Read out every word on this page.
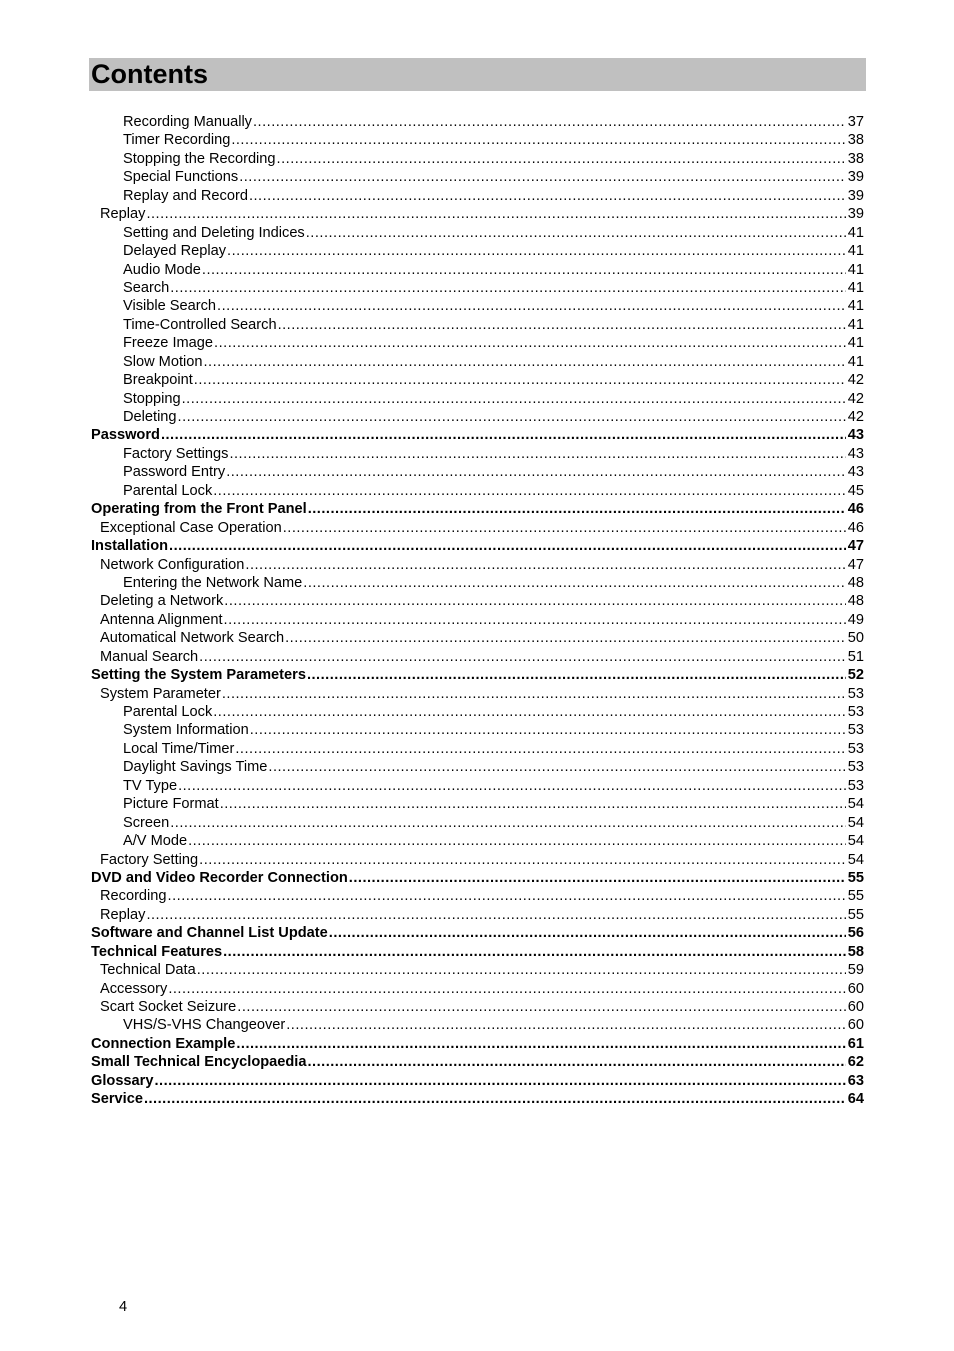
Contents
Recording Manually .....	37
Timer Recording .....	38
Stopping the Recording .....	38
Special Functions .....	39
Replay and Record .....	39
Replay .....	39
Setting and Deleting Indices .....	41
Delayed Replay .....	41
Audio Mode .....	41
Search .....	41
Visible Search .....	41
Time-Controlled Search .....	41
Freeze Image .....	41
Slow Motion .....	41
Breakpoint .....	42
Stopping .....	42
Deleting .....	42
Password .....	43
Factory Settings .....	43
Password Entry .....	43
Parental Lock .....	45
Operating from the Front Panel .....	46
Exceptional Case Operation .....	46
Installation .....	47
Network Configuration .....	47
Entering the Network Name .....	48
Deleting a Network .....	48
Antenna Alignment .....	49
Automatical Network Search .....	50
Manual Search .....	51
Setting the System Parameters .....	52
System Parameter .....	53
Parental Lock .....	53
System Information .....	53
Local Time/Timer .....	53
Daylight Savings Time .....	53
TV Type .....	53
Picture Format .....	54
Screen .....	54
A/V Mode .....	54
Factory Setting .....	54
DVD and Video Recorder Connection .....	55
Recording .....	55
Replay .....	55
Software and Channel List Update .....	56
Technical Features .....	58
Technical Data .....	59
Accessory .....	60
Scart Socket Seizure .....	60
VHS/S-VHS Changeover .....	60
Connection Example .....	61
Small Technical Encyclopaedia .....	62
Glossary .....	63
Service .....	64
4
